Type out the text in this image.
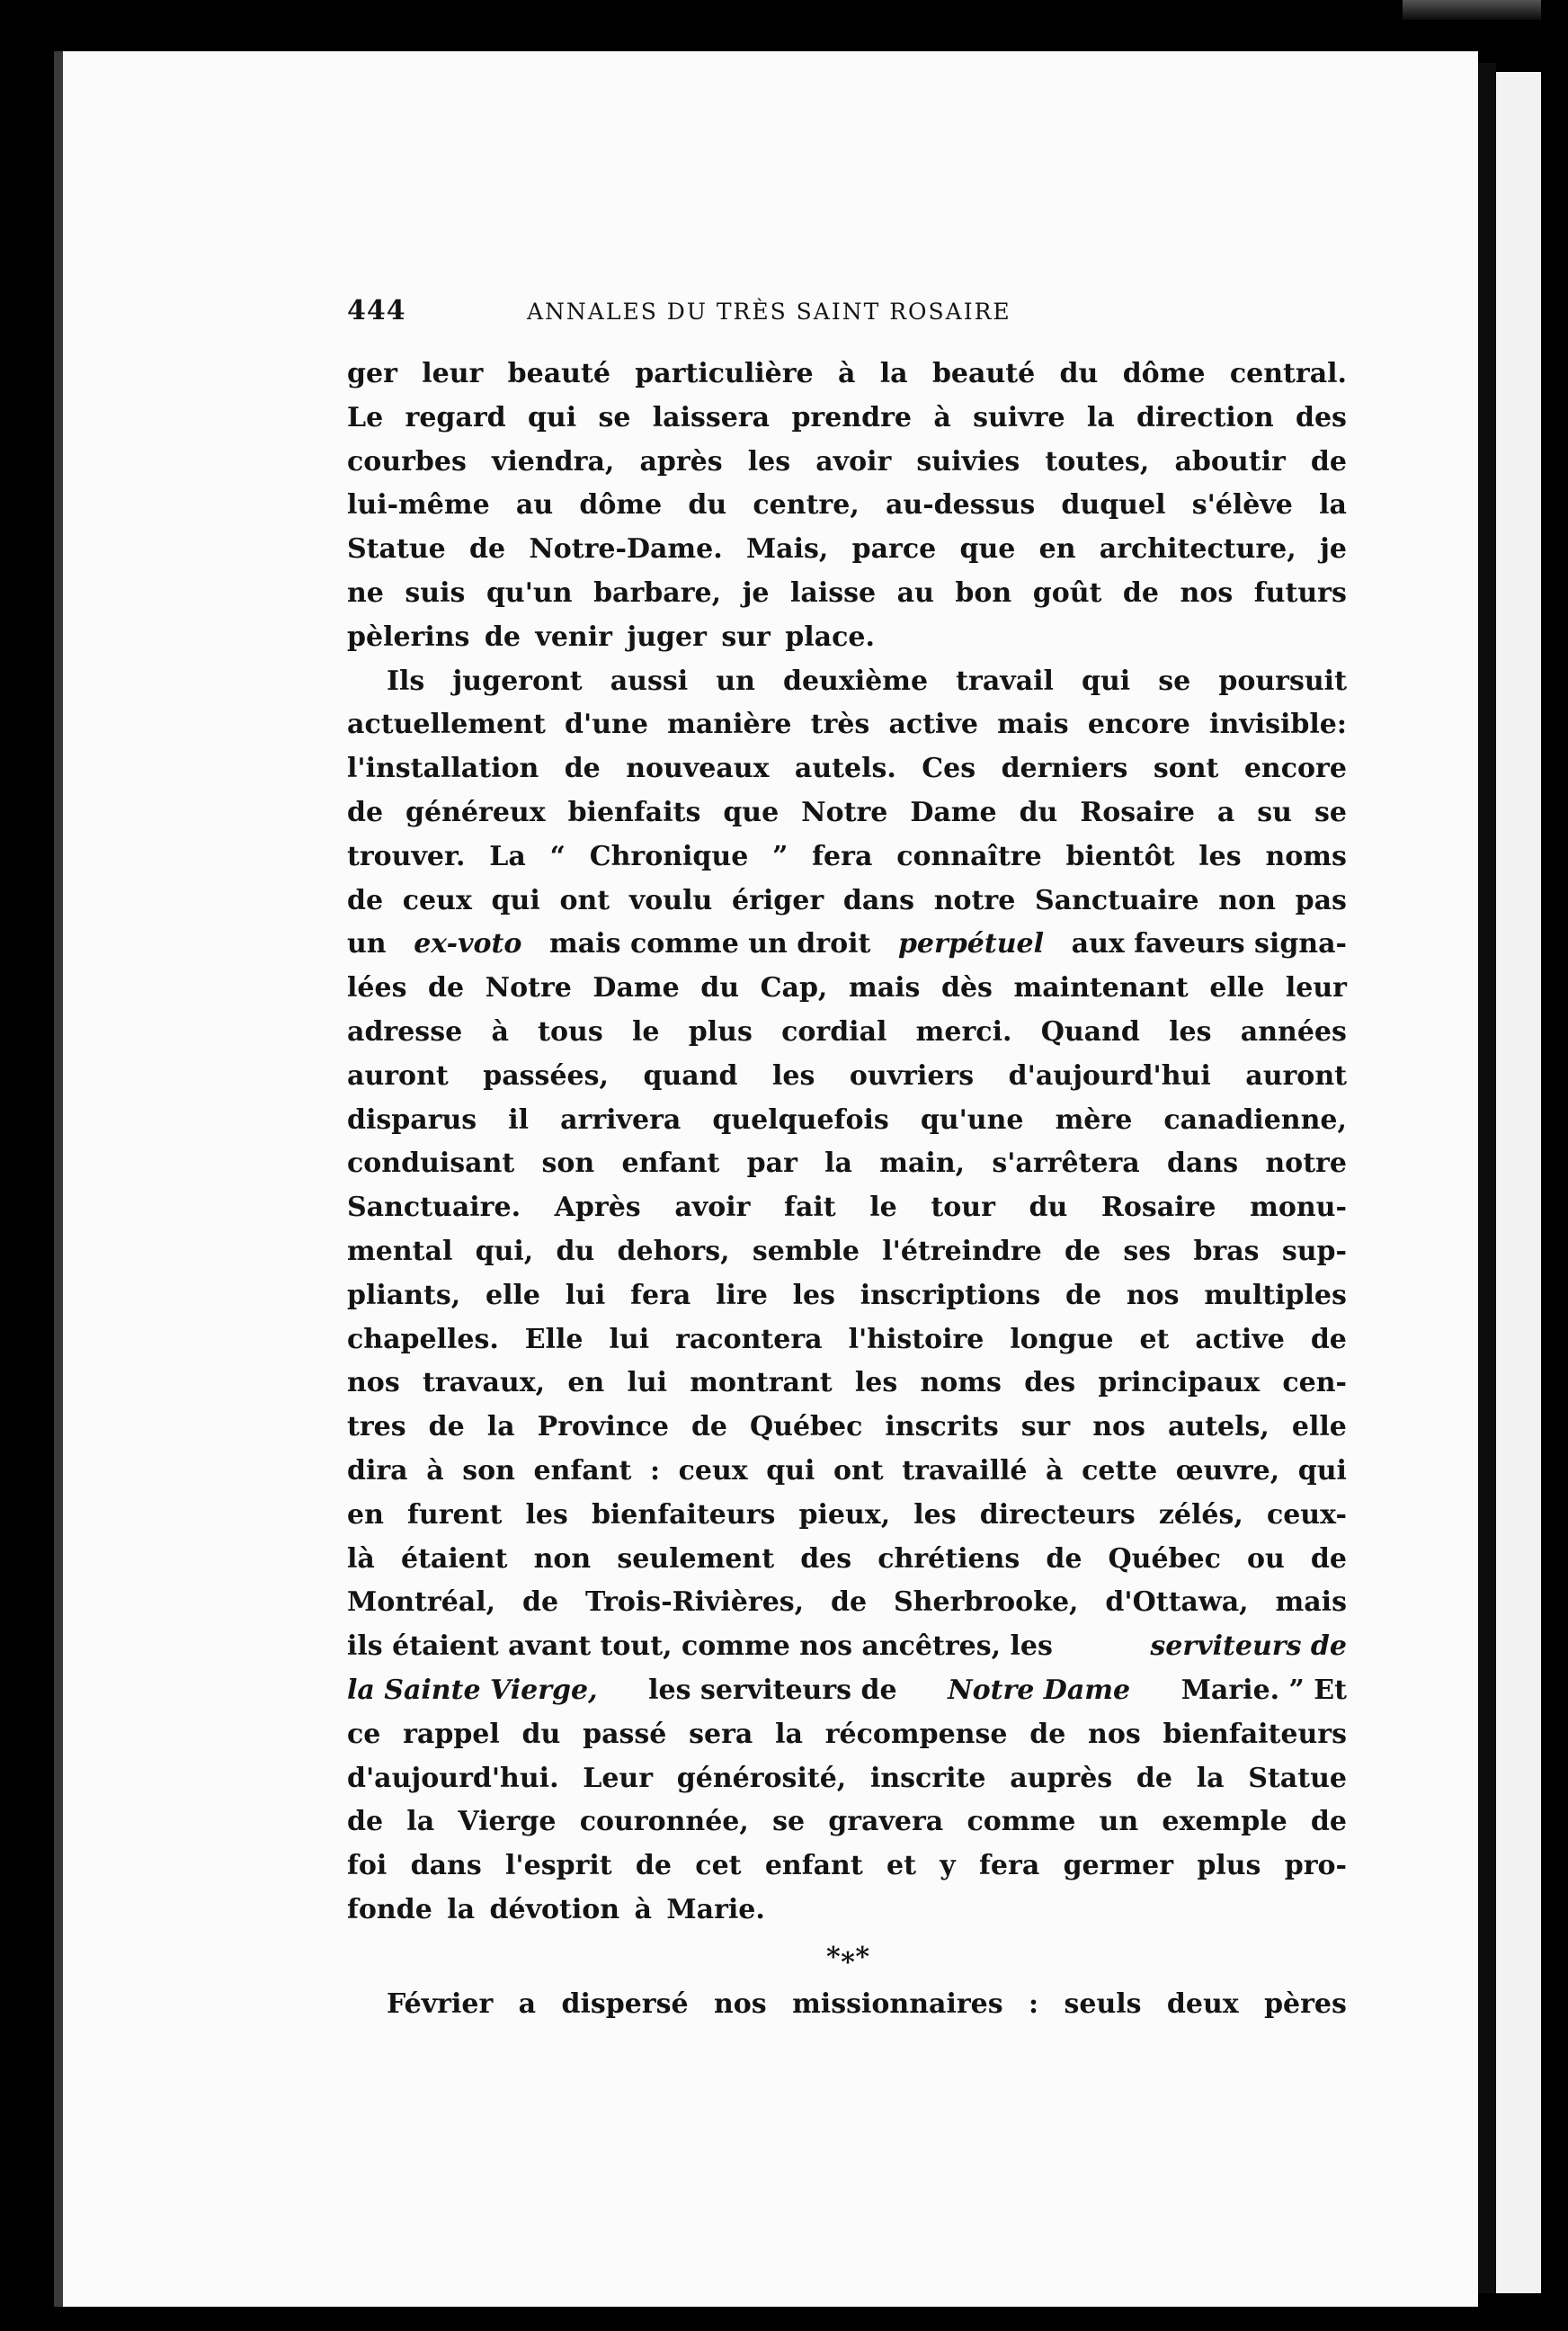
444	ANNALES DU TRÈS SAINT ROSAIRE
ger leur beauté particulière à la beauté du dôme central.
Le regard qui se laissera prendre à suivre la direction des
courbes viendra, après les avoir suivies toutes, aboutir de
lui-même au dôme du centre, au-dessus duquel s'élève la
Statue de Notre-Dame. Mais, parce que en architecture, je
ne suis qu'un barbare, je laisse au bon goût de nos futurs
pèlerins de venir juger sur place.
Ils jugeront aussi un deuxième travail qui se poursuit
actuellement d'une manière très active mais encore invisible:
l'installation de nouveaux autels. Ces derniers sont encore
de généreux bienfaits que Notre Dame du Rosaire a su se
trouver. La “ Chronique ” fera connaître bientôt les noms
de ceux qui ont voulu ériger dans notre Sanctuaire non pas
un ex-voto mais comme un droit perpétuel aux faveurs signa-
lées de Notre Dame du Cap, mais dès maintenant elle leur
adresse à tous le plus cordial merci. Quand les années
auront passées, quand les ouvriers d'aujourd'hui auront
disparus il arrivera quelquefois qu'une mère canadienne,
conduisant son enfant par la main, s'arrêtera dans notre
Sanctuaire. Après avoir fait le tour du Rosaire monu-
mental qui, du dehors, semble l'étreindre de ses bras sup-
pliants, elle lui fera lire les inscriptions de nos multiples
chapelles. Elle lui racontera l'histoire longue et active de
nos travaux, en lui montrant les noms des principaux cen-
tres de la Province de Québec inscrits sur nos autels, elle
dira à son enfant : ceux qui ont travaillé à cette œuvre, qui
en furent les bienfaiteurs pieux, les directeurs zélés, ceux-
là étaient non seulement des chrétiens de Québec ou de
Montréal, de Trois-Rivières, de Sherbrooke, d'Ottawa, mais
ils étaient avant tout, comme nos ancêtres, les	serviteurs de
la Sainte Vierge, les serviteurs de Notre Dame Marie. ” Et
ce rappel du passé sera la récompense de nos bienfaiteurs
d'aujourd'hui. Leur générosité, inscrite auprès de la Statue
de la Vierge couronnée, se gravera comme un exemple de
foi dans l'esprit de cet enfant et y fera germer plus pro-
fonde la dévotion à Marie.
*∗*
Février a dispersé nos missionnaires : seuls deux pères
